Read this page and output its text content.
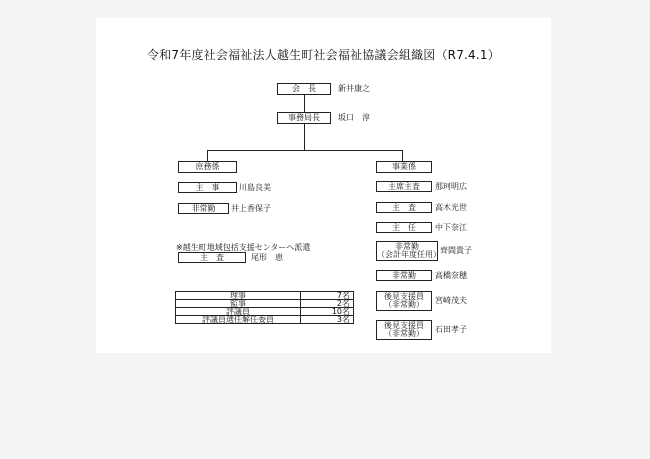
令和7年度社会福祉法人越生町社会福祉協議会組織図（R7.4.1）
会　長	新井康之
事務局長 坂口　淳
庶務係
主　事 川島良美
非常勤 井上香保子
※越生町地域包括支援センターへ派遣
主　査	尾形　恵
理事	7名
監事	2名
評議員	10名
評議員選任解任委員	3名
事業係
主席主査 那珂明広
主　査 高木光世
主　任 中下奈江
非常勤
（会計年度任用） 齊間貴子
非常勤 高橋奈穂
後見支援員
（非常勤） 宮崎茂夫
後見支援員
（非常勤） 石田孝子
